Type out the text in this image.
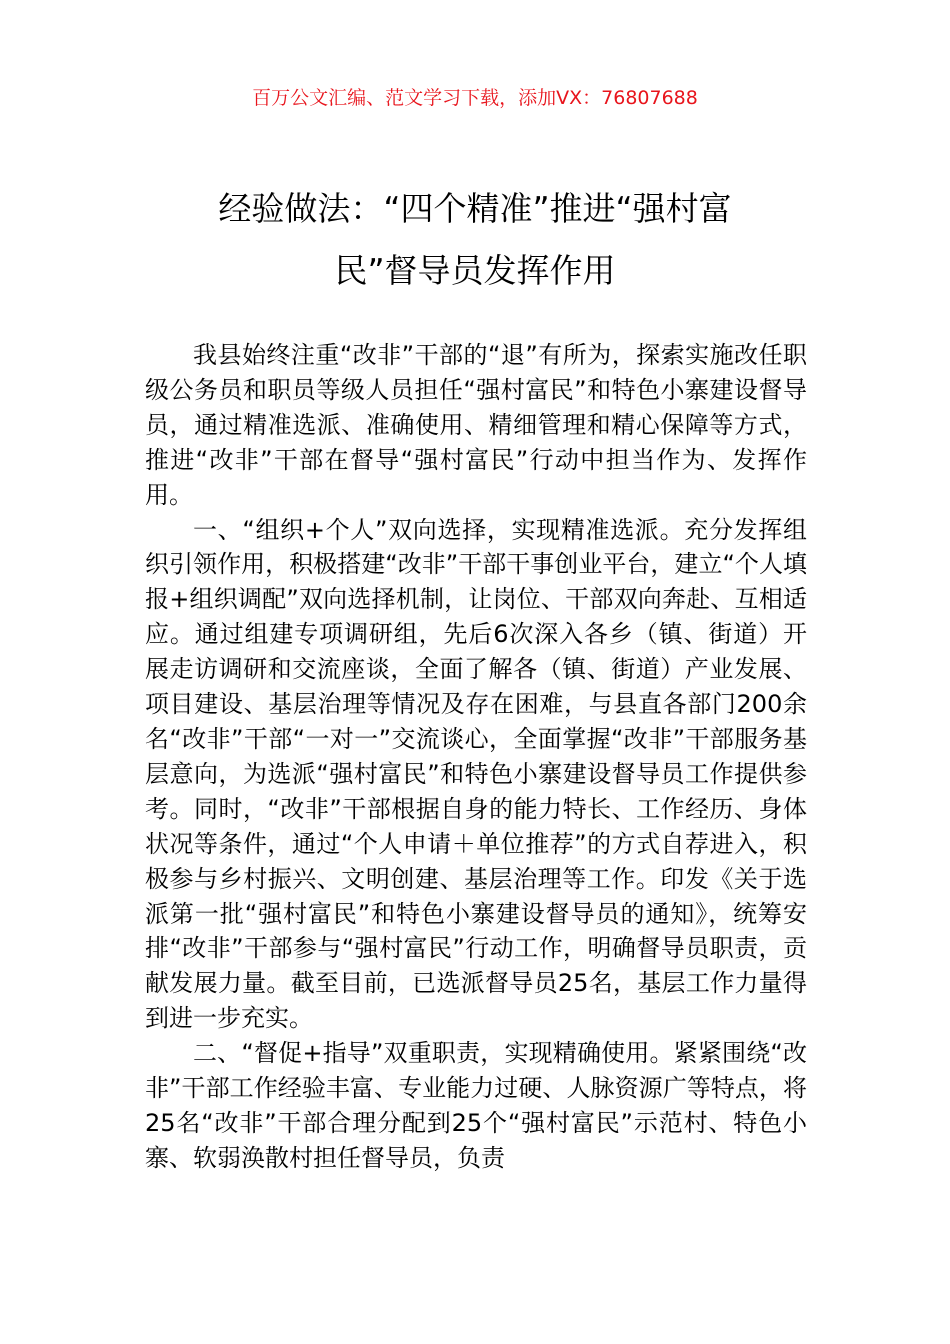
百万公文汇编、范文学习下载，添加VX：76807688
经验做法：“四个精准”推进“强村富
民”督导员发挥作用

我县始终注重“改非”干部的“退”有所为，探索实施改任职级公务员和职员等级人员担任“强村富民”和特色小寨建设督导员，通过精准选派、准确使用、精细管理和精心保障等方式，推进“改非”干部在督导“强村富民”行动中担当作为、发挥作用。

一、“组织+个人”双向选择，实现精准选派。充分发挥组织引领作用，积极搭建“改非”干部干事创业平台，建立“个人填报+组织调配”双向选择机制，让岗位、干部双向奔赴、互相适应。通过组建专项调研组，先后6次深入各乡（镇、街道）开展走访调研和交流座谈，全面了解各（镇、街道）产业发展、项目建设、基层治理等情况及存在困难，与县直各部门200余名“改非”干部“一对一”交流谈心，全面掌握“改非”干部服务基层意向，为选派“强村富民”和特色小寨建设督导员工作提供参考。同时，“改非”干部根据自身的能力特长、工作经历、身体状况等条件，通过“个人申请＋单位推荐”的方式自荐进入，积极参与乡村振兴、文明创建、基层治理等工作。印发《关于选派第一批“强村富民”和特色小寨建设督导员的通知》，统筹安排“改非”干部参与“强村富民”行动工作，明确督导员职责，贡献发展力量。截至目前，已选派督导员25名，基层工作力量得到进一步充实。

二、“督促+指导”双重职责，实现精确使用。紧紧围绕“改非”干部工作经验丰富、专业能力过硬、人脉资源广等特点，将25名“改非”干部合理分配到25个“强村富民”示范村、特色小寨、软弱涣散村担任督导员，负责
